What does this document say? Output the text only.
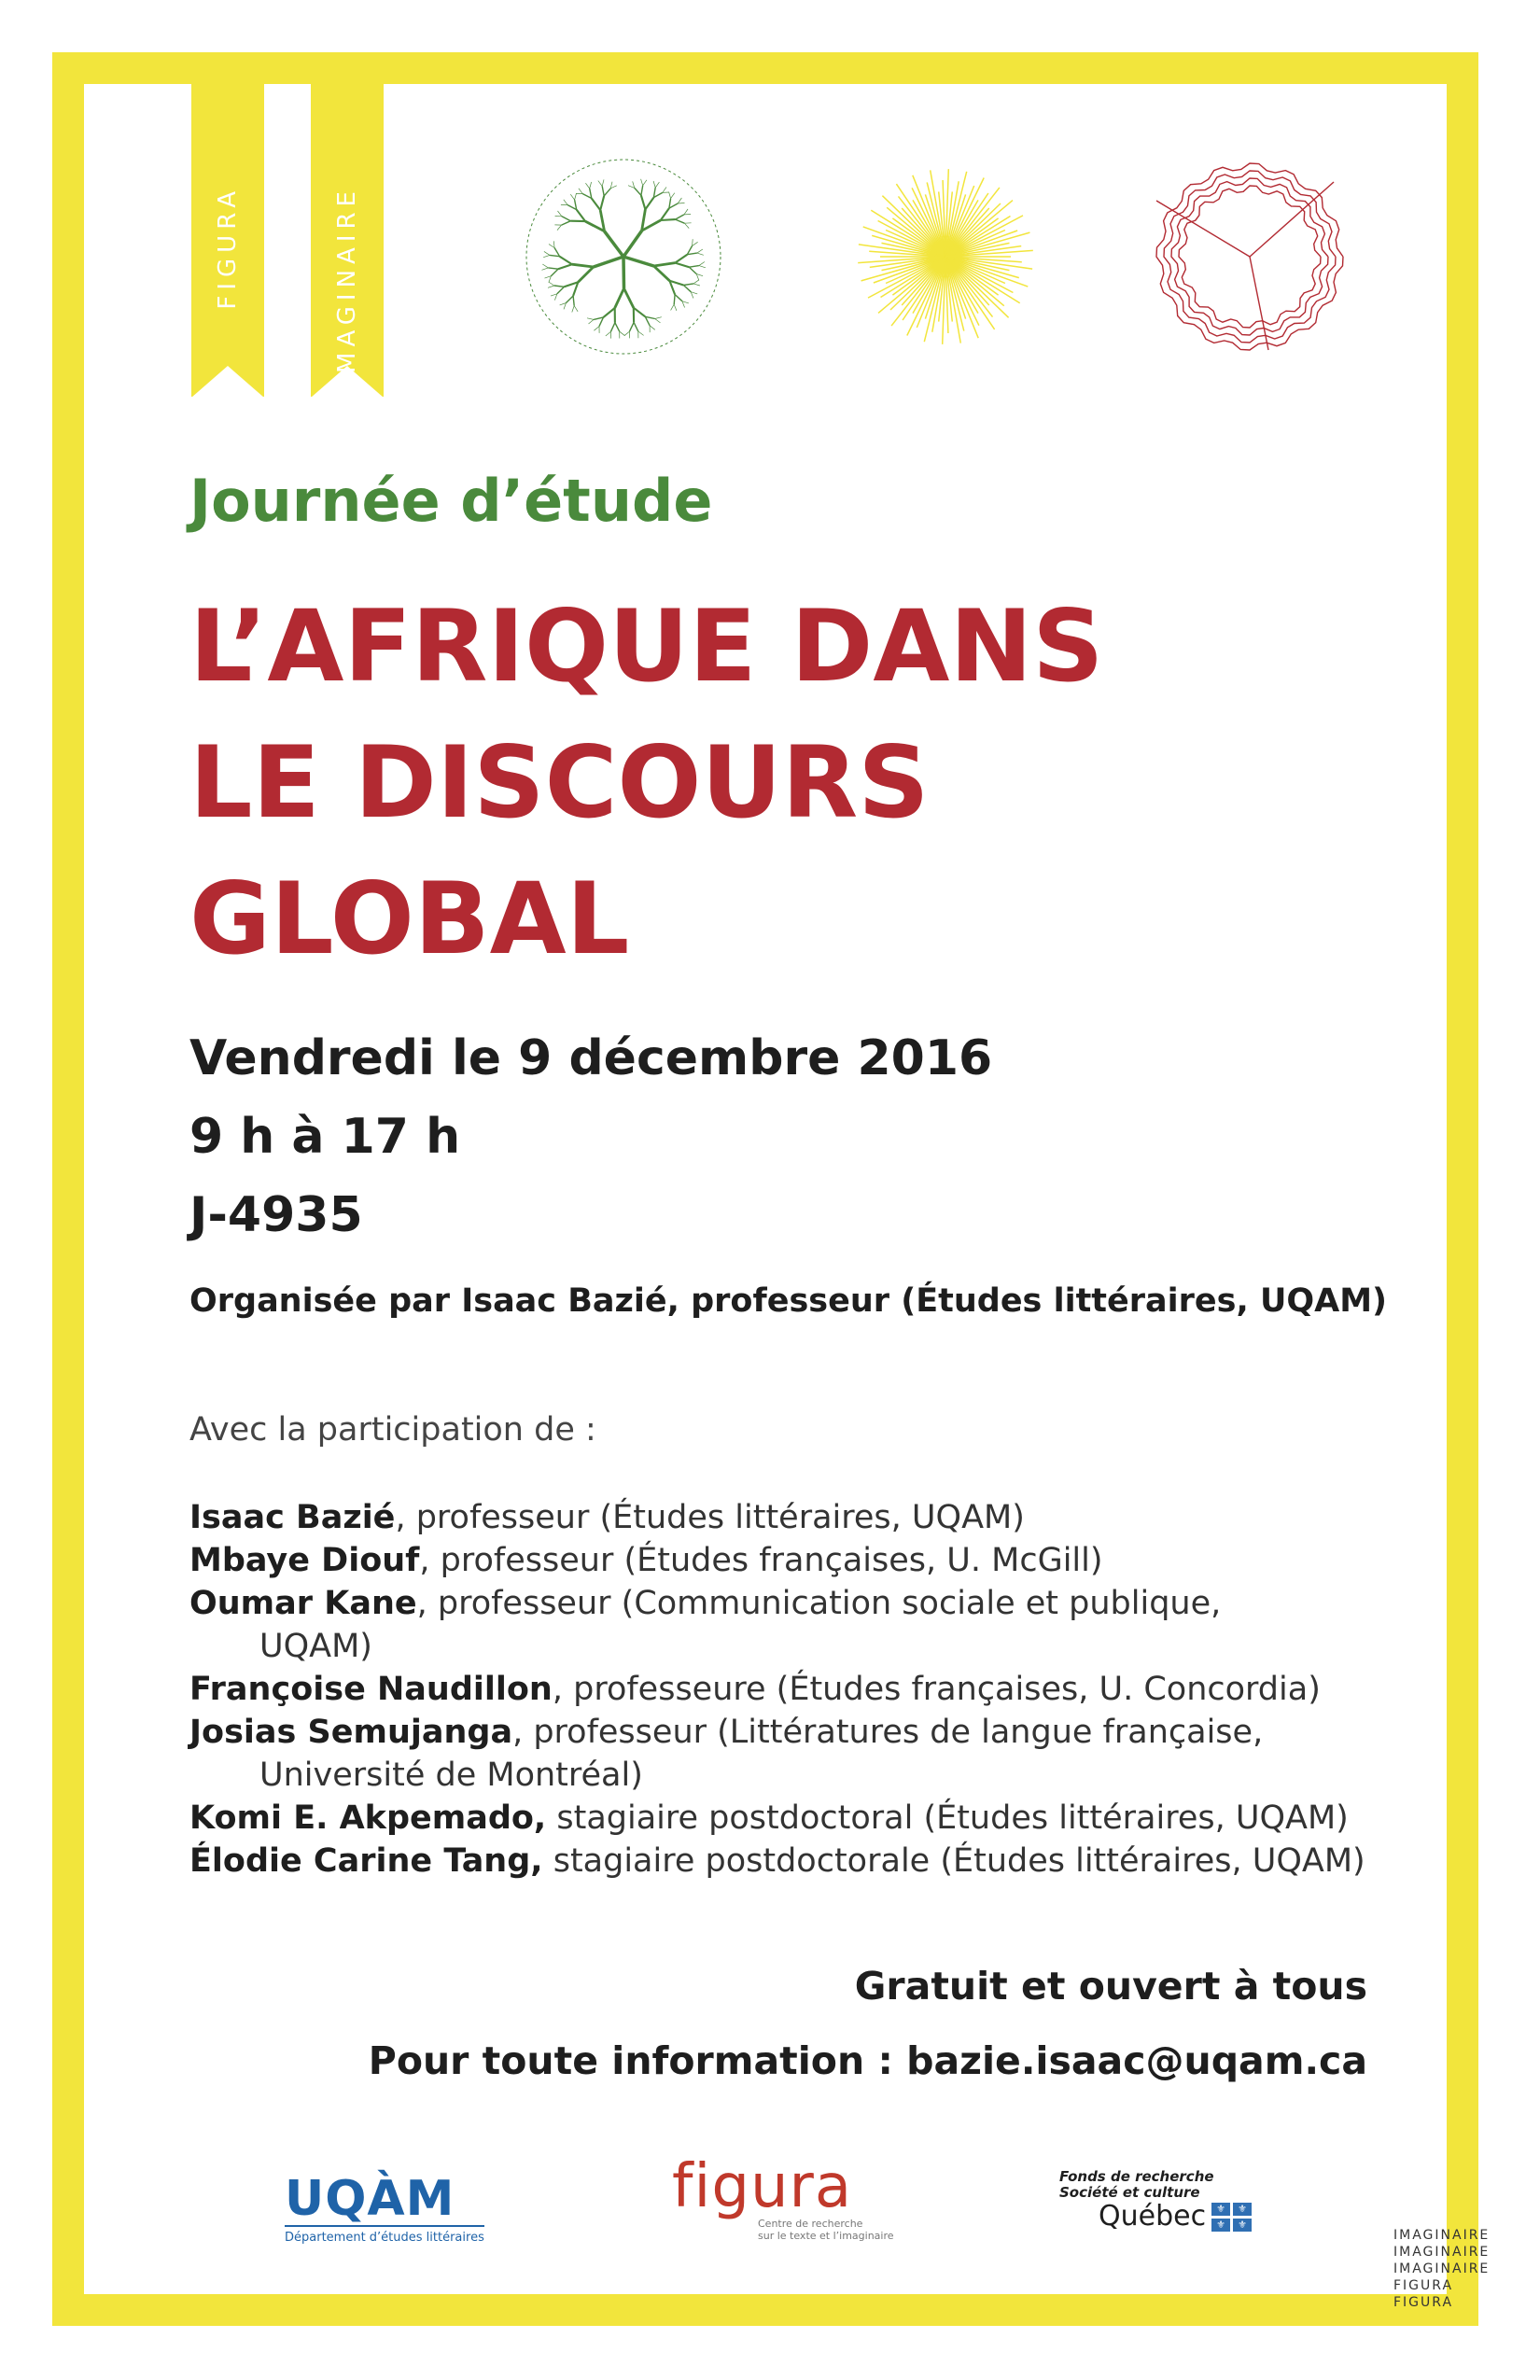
FIGURA	IMAGINAIRE
Journée d’étude
L’AFRIQUE DANS
LE DISCOURS
GLOBAL
Vendredi le 9 décembre 2016
9 h à 17 h
J-4935
Organisée par Isaac Bazié, professeur (Études littéraires, UQAM)
Avec la participation de :
Isaac Bazié, professeur (Études littéraires, UQAM)
Mbaye Diouf, professeur (Études françaises, U. McGill)
Oumar Kane, professeur (Communication sociale et publique,
UQAM)
Françoise Naudillon, professeure (Études françaises, U. Concordia)
Josias Semujanga, professeur (Littératures de langue française,
Université de Montréal)
Komi E. Akpemado, stagiaire postdoctoral (Études littéraires, UQAM)
Élodie Carine Tang, stagiaire postdoctorale (Études littéraires, UQAM)
Gratuit et ouvert à tous
Pour toute information : bazie.isaac@uqam.ca
UQÀM
Département d’études littéraires
figura
Centre de recherche
sur le texte et l’imaginaire
Fonds de recherche
Société et culture
Québec	⚜	⚜
⚜	⚜
IMAGINAIRE
IMAGINAIRE
IMAGINAIRE
FIGURA
FIGURA
